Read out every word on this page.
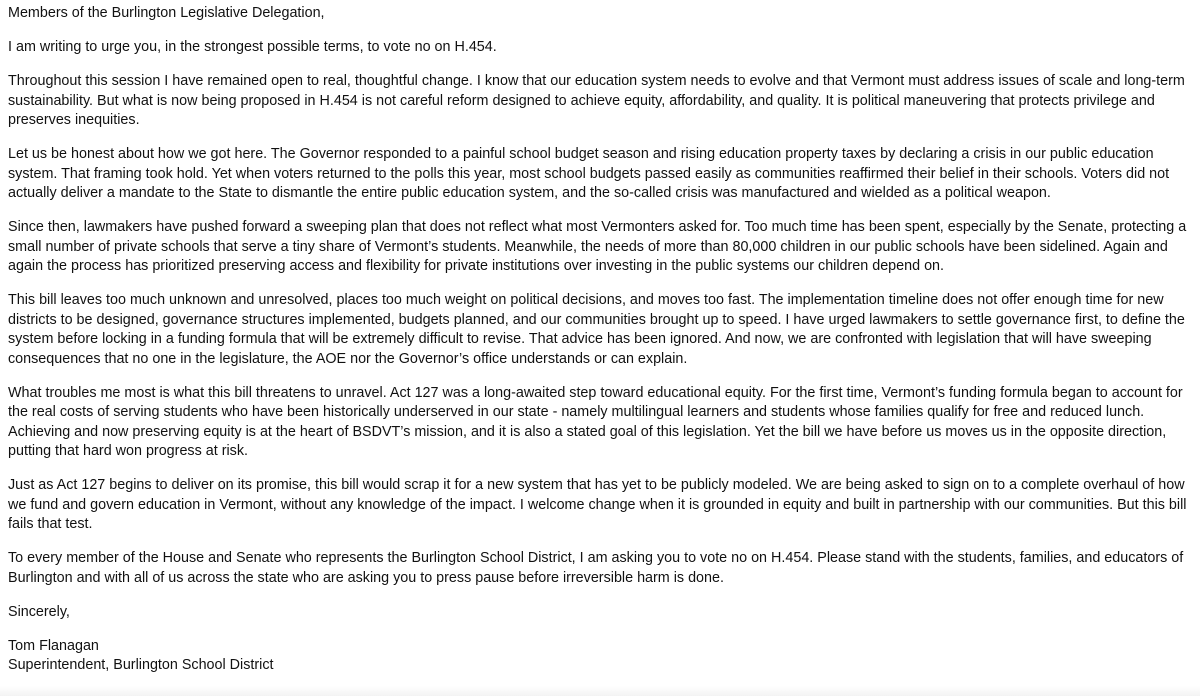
Members of the Burlington Legislative Delegation,

I am writing to urge you, in the strongest possible terms, to vote no on H.454.

Throughout this session I have remained open to real, thoughtful change. I know that our education system needs to evolve and that Vermont must address issues of scale and long-term sustainability. But what is now being proposed in H.454 is not careful reform designed to achieve equity, affordability, and quality. It is political maneuvering that protects privilege and preserves inequities.

Let us be honest about how we got here. The Governor responded to a painful school budget season and rising education property taxes by declaring a crisis in our public education system. That framing took hold. Yet when voters returned to the polls this year, most school budgets passed easily as communities reaffirmed their belief in their schools. Voters did not actually deliver a mandate to the State to dismantle the entire public education system, and the so-called crisis was manufactured and wielded as a political weapon.

Since then, lawmakers have pushed forward a sweeping plan that does not reflect what most Vermonters asked for. Too much time has been spent, especially by the Senate, protecting a small number of private schools that serve a tiny share of Vermont’s students. Meanwhile, the needs of more than 80,000 children in our public schools have been sidelined. Again and again the process has prioritized preserving access and flexibility for private institutions over investing in the public systems our children depend on.

This bill leaves too much unknown and unresolved, places too much weight on political decisions, and moves too fast. The implementation timeline does not offer enough time for new districts to be designed, governance structures implemented, budgets planned, and our communities brought up to speed. I have urged lawmakers to settle governance first, to define the system before locking in a funding formula that will be extremely difficult to revise. That advice has been ignored. And now, we are confronted with legislation that will have sweeping consequences that no one in the legislature, the AOE nor the Governor’s office understands or can explain.

What troubles me most is what this bill threatens to unravel. Act 127 was a long-awaited step toward educational equity. For the first time, Vermont’s funding formula began to account for the real costs of serving students who have been historically underserved in our state - namely multilingual learners and students whose families qualify for free and reduced lunch. Achieving and now preserving equity is at the heart of BSDVT’s mission, and it is also a stated goal of this legislation. Yet the bill we have before us moves us in the opposite direction, putting that hard won progress at risk.

Just as Act 127 begins to deliver on its promise, this bill would scrap it for a new system that has yet to be publicly modeled. We are being asked to sign on to a complete overhaul of how we fund and govern education in Vermont, without any knowledge of the impact. I welcome change when it is grounded in equity and built in partnership with our communities. But this bill fails that test.

To every member of the House and Senate who represents the Burlington School District, I am asking you to vote no on H.454. Please stand with the students, families, and educators of Burlington and with all of us across the state who are asking you to press pause before irreversible harm is done.

Sincerely,

Tom Flanagan
Superintendent, Burlington School District
